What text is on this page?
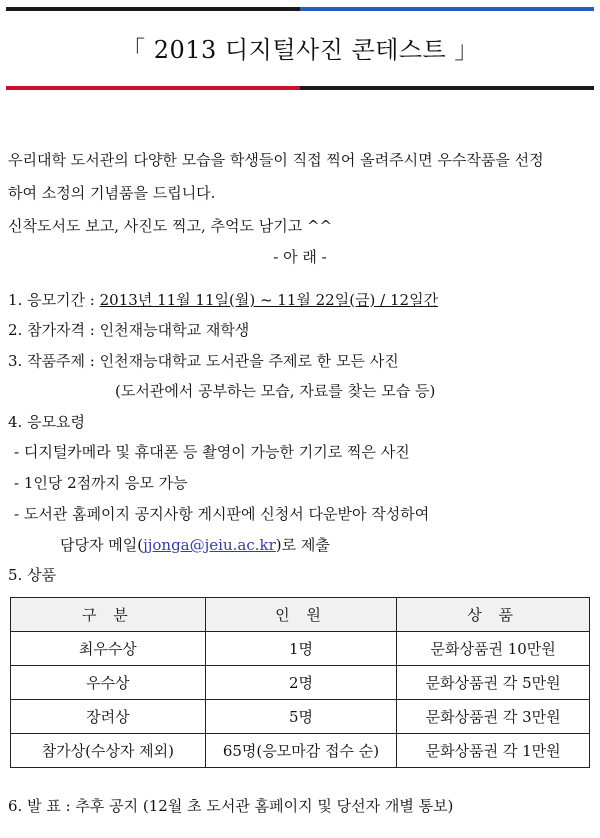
「 2013 디지털사진 콘테스트 」
우리대학 도서관의 다양한 모습을 학생들이 직접 찍어 올려주시면 우수작품을 선정
하여 소정의 기념품을 드립니다.
신착도서도 보고, 사진도 찍고, 추억도 남기고 ^^
- 아 래 -
1. 응모기간 : 2013년 11월 11일(월) ~ 11월 22일(금) / 12일간
2. 참가자격 : 인천재능대학교 재학생
3. 작품주제 : 인천재능대학교 도서관을 주제로 한 모든 사진
(도서관에서 공부하는 모습, 자료를 찾는 모습 등)
4. 응모요령
- 디지털카메라 및 휴대폰 등 촬영이 가능한 기기로 찍은 사진
- 1인당 2점까지 응모 가능
- 도서관 홈페이지 공지사항 게시판에 신청서 다운받아 작성하여
담당자 메일(jjonga@jeiu.ac.kr)로 제출
5. 상품
구 분	인 원	상 품
최우수상	1명	문화상품권 10만원
우수상	2명	문화상품권 각 5만원
장려상	5명	문화상품권 각 3만원
참가상(수상자 제외)	65명(응모마감 접수 순)	문화상품권 각 1만원
6. 발 표 : 추후 공지 (12월 초 도서관 홈페이지 및 당선자 개별 통보)
